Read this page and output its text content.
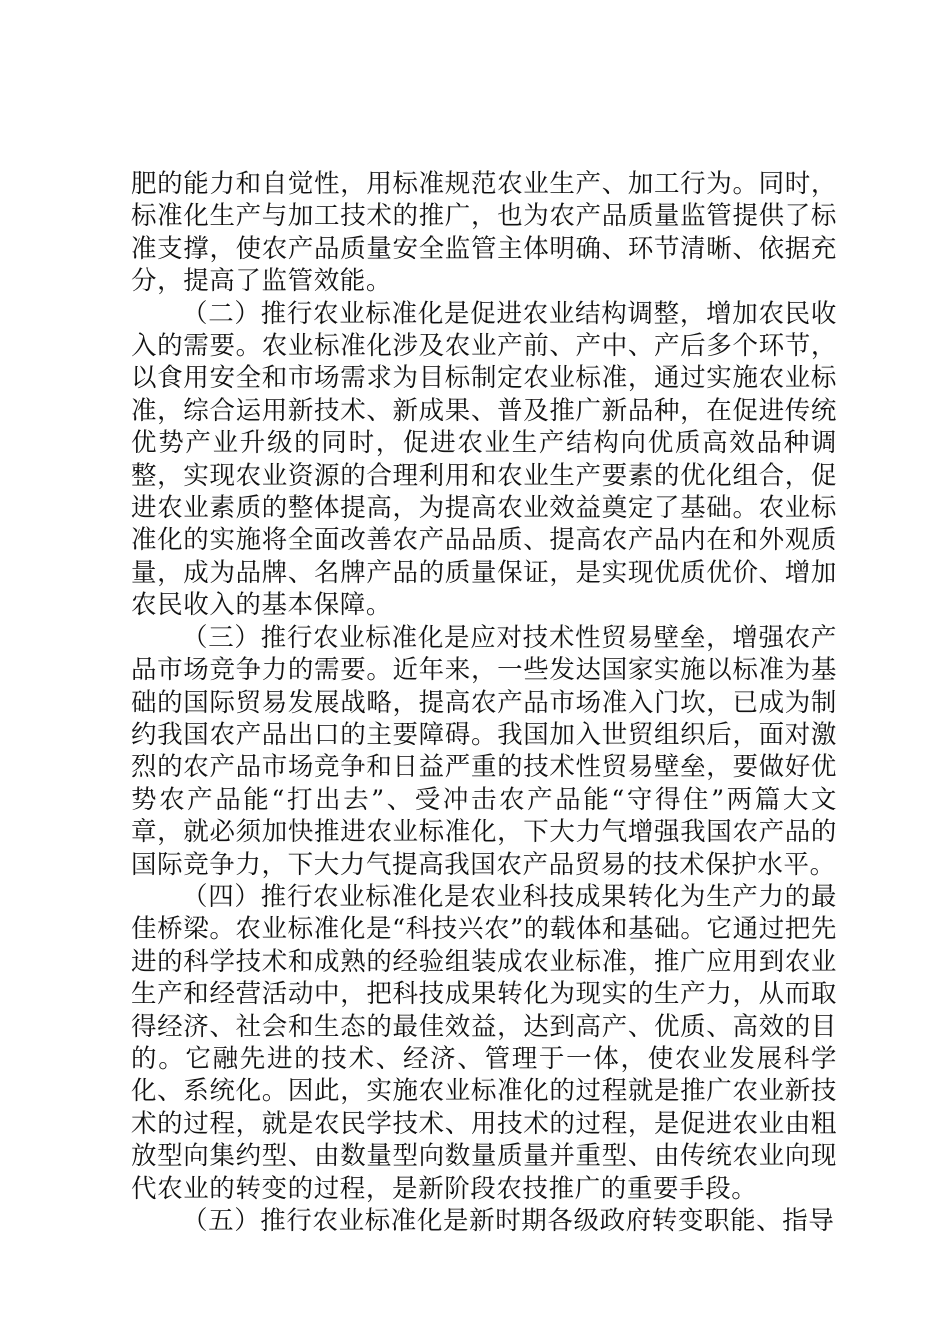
肥的能力和自觉性，用标准规范农业生产、加工行为。同时，标准化生产与加工技术的推广，也为农产品质量监管提供了标准支撑，使农产品质量安全监管主体明确、环节清晰、依据充分，提高了监管效能。

（二）推行农业标准化是促进农业结构调整，增加农民收入的需要。农业标准化涉及农业产前、产中、产后多个环节，以食用安全和市场需求为目标制定农业标准，通过实施农业标准，综合运用新技术、新成果、普及推广新品种，在促进传统优势产业升级的同时，促进农业生产结构向优质高效品种调整，实现农业资源的合理利用和农业生产要素的优化组合，促进农业素质的整体提高，为提高农业效益奠定了基础。农业标准化的实施将全面改善农产品品质、提高农产品内在和外观质量，成为品牌、名牌产品的质量保证，是实现优质优价、增加农民收入的基本保障。

（三）推行农业标准化是应对技术性贸易壁垒，增强农产品市场竞争力的需要。近年来，一些发达国家实施以标准为基础的国际贸易发展战略，提高农产品市场准入门坎，已成为制约我国农产品出口的主要障碍。我国加入世贸组织后，面对激烈的农产品市场竞争和日益严重的技术性贸易壁垒，要做好优势农产品能“打出去”、受冲击农产品能“守得住”两篇大文章，就必须加快推进农业标准化，下大力气增强我国农产品的国际竞争力，下大力气提高我国农产品贸易的技术保护水平。

（四）推行农业标准化是农业科技成果转化为生产力的最佳桥梁。农业标准化是“科技兴农”的载体和基础。它通过把先进的科学技术和成熟的经验组装成农业标准，推广应用到农业生产和经营活动中，把科技成果转化为现实的生产力，从而取得经济、社会和生态的最佳效益，达到高产、优质、高效的目的。它融先进的技术、经济、管理于一体，使农业发展科学化、系统化。因此，实施农业标准化的过程就是推广农业新技术的过程，就是农民学技术、用技术的过程，是促进农业由粗放型向集约型、由数量型向数量质量并重型、由传统农业向现代农业的转变的过程，是新阶段农技推广的重要手段。

（五）推行农业标准化是新时期各级政府转变职能、指导
